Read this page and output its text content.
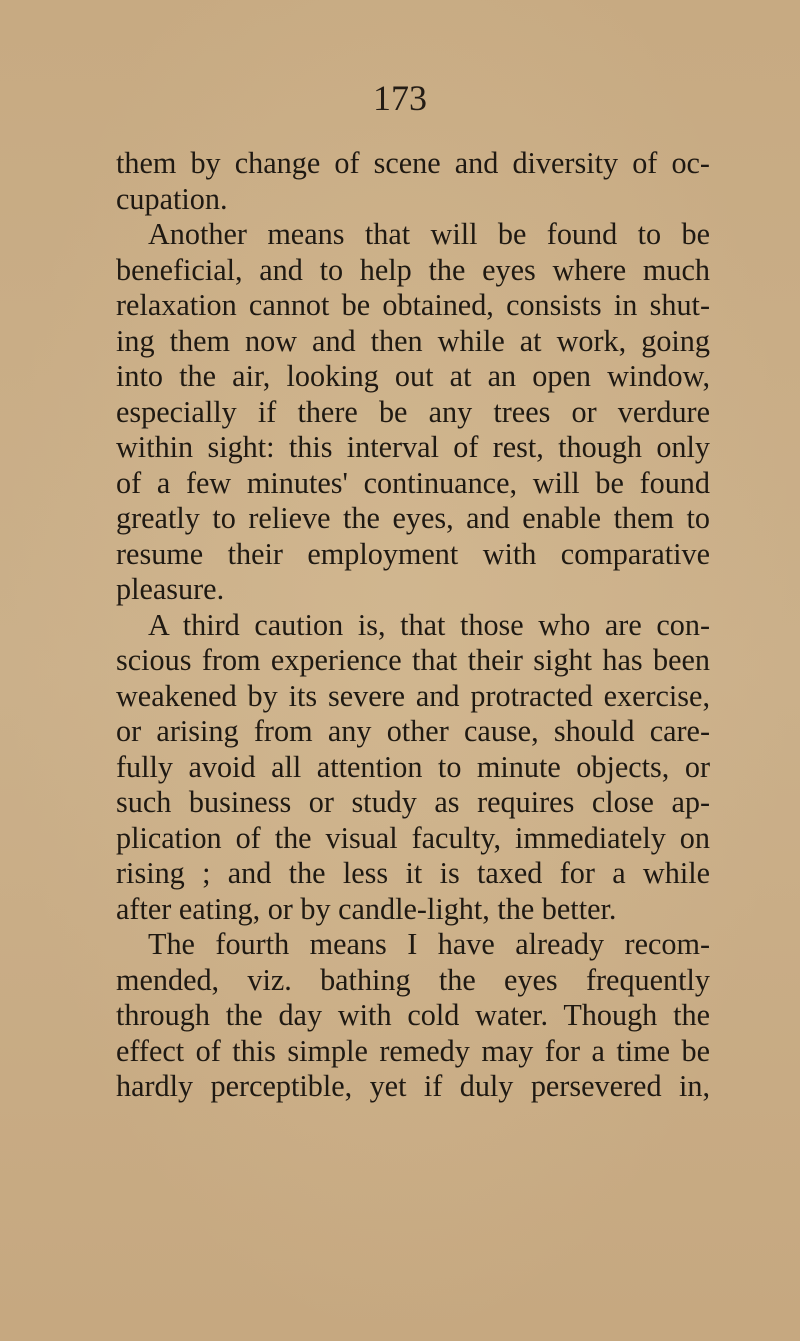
173
them by change of scene and diversity of oc-
cupation.
Another means that will be found to be
beneficial, and to help the eyes where much
relaxation cannot be obtained, consists in shut-
ing them now and then while at work, going
into the air, looking out at an open window,
especially if there be any trees or verdure
within sight: this interval of rest, though only
of a few minutes' continuance, will be found
greatly to relieve the eyes, and enable them to
resume their employment with comparative
pleasure.
A third caution is, that those who are con-
scious from experience that their sight has been
weakened by its severe and protracted exercise,
or arising from any other cause, should care-
fully avoid all attention to minute objects, or
such business or study as requires close ap-
plication of the visual faculty, immediately on
rising ; and the less it is taxed for a while
after eating, or by candle-light, the better.
The fourth means I have already recom-
mended, viz. bathing the eyes frequently
through the day with cold water. Though the
effect of this simple remedy may for a time be
hardly perceptible, yet if duly persevered in,
